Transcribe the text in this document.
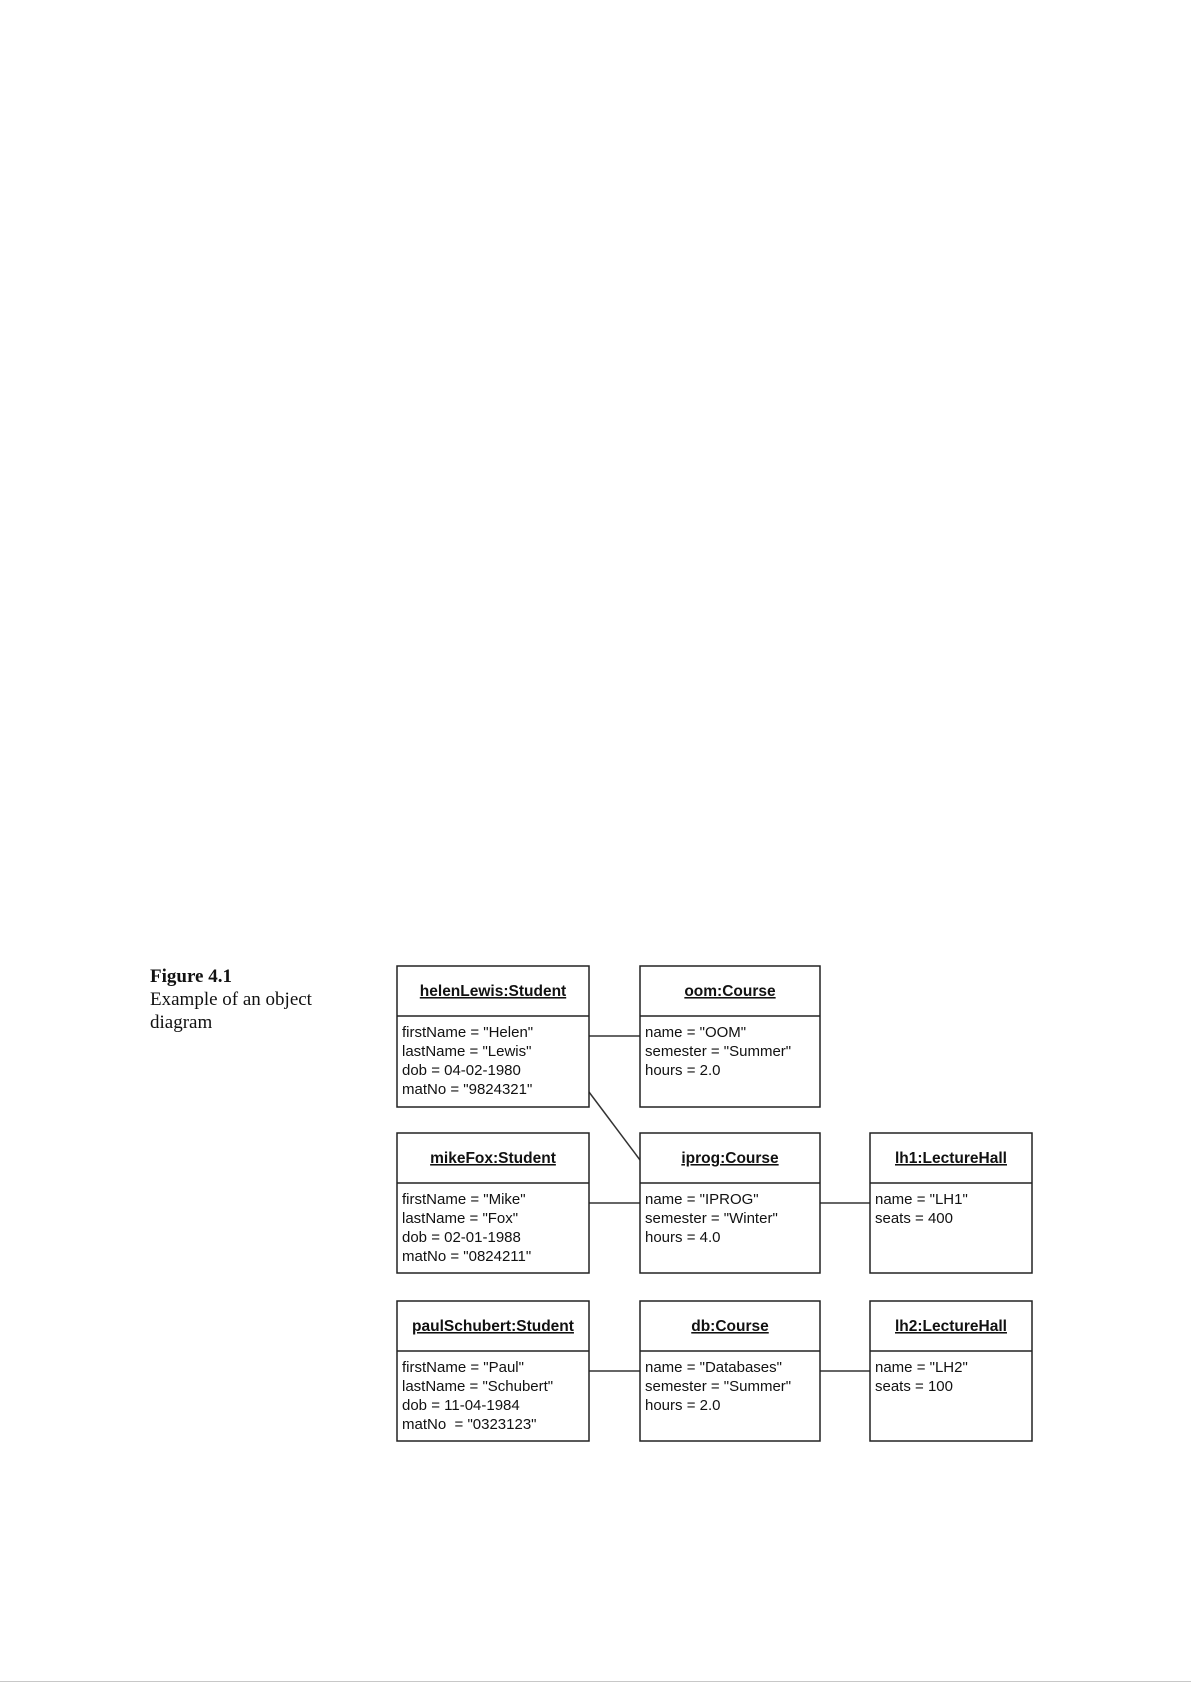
Figure 4.1
Example of an object
diagram
helenLewis:Student
firstName = "Helen"
lastName = "Lewis"
dob = 04-02-1980
matNo = "9824321"
oom:Course
name = "OOM"
semester = "Summer"
hours = 2.0
mikeFox:Student
firstName = "Mike"
lastName = "Fox"
dob = 02-01-1988
matNo = "0824211"
iprog:Course
name = "IPROG"
semester = "Winter"
hours = 4.0
lh1:LectureHall
name = "LH1"
seats = 400
paulSchubert:Student
firstName = "Paul"
lastName = "Schubert"
dob = 11-04-1984
matNo  = "0323123"
db:Course
name = "Databases"
semester = "Summer"
hours = 2.0
lh2:LectureHall
name = "LH2"
seats = 100
